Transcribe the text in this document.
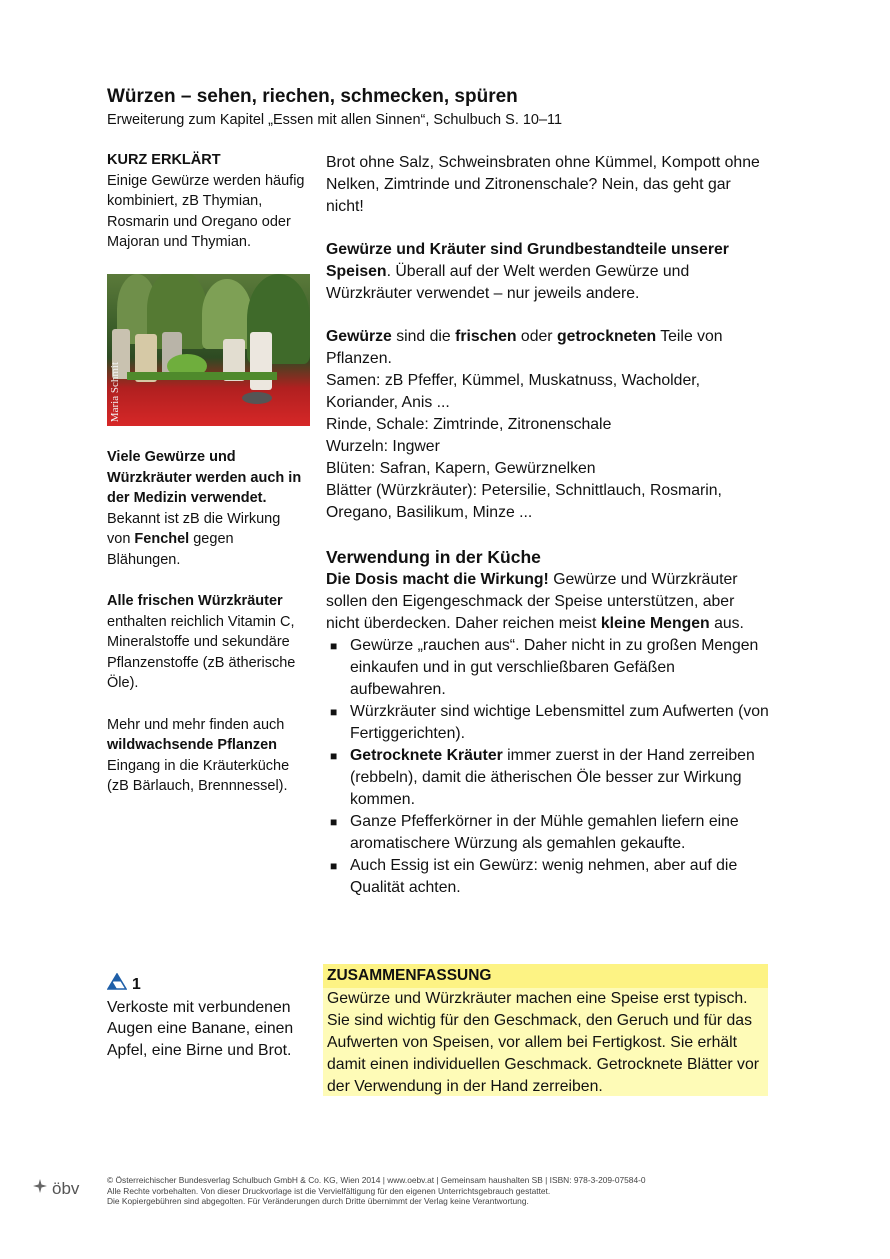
Würzen – sehen, riechen, schmecken, spüren
Erweiterung zum Kapitel „Essen mit allen Sinnen“, Schulbuch S. 10–11

KURZ ERKLÄRT

Einige Gewürze werden häufig kombiniert, zB Thymian, Rosmarin und Oregano oder Majoran und Thymian.

Maria Schmit

Viele Gewürze und Würzkräuter werden auch in der Medizin verwendet. Bekannt ist zB die Wirkung von Fenchel gegen Blähungen.

Alle frischen Würzkräuter enthalten reichlich Vitamin C, Mineralstoffe und sekundäre Pflanzenstoffe (zB ätherische Öle).

Mehr und mehr finden auch wildwachsende Pflanzen Eingang in die Kräuterküche (zB Bärlauch, Brennnessel).

Brot ohne Salz, Schweinsbraten ohne Kümmel, Kompott ohne Nelken, Zimtrinde und Zitronenschale? Nein, das geht gar nicht!

Gewürze und Kräuter sind Grundbestandteile unserer Speisen. Überall auf der Welt werden Gewürze und Würzkräuter verwendet – nur jeweils andere.

Gewürze sind die frischen oder getrockneten Teile von Pflanzen.

Samen: zB Pfeffer, Kümmel, Muskatnuss, Wacholder, Koriander, Anis ...

Rinde, Schale: Zimtrinde, Zitronenschale

Wurzeln: Ingwer

Blüten: Safran, Kapern, Gewürznelken

Blätter (Würzkräuter): Petersilie, Schnittlauch, Rosmarin, Oregano, Basilikum, Minze ...

Verwendung in der Küche

Die Dosis macht die Wirkung! Gewürze und Würzkräuter sollen den Eigengeschmack der Speise unterstützen, aber nicht überdecken. Daher reichen meist kleine Mengen aus.

■ Gewürze „rauchen aus“. Daher nicht in zu großen Mengen einkaufen und in gut verschließbaren Gefäßen aufbewahren.
■ Würzkräuter sind wichtige Lebensmittel zum Aufwerten (von Fertiggerichten).
■ Getrocknete Kräuter immer zuerst in der Hand zerreiben (rebbeln), damit die ätherischen Öle besser zur Wirkung kommen.
■ Ganze Pfefferkörner in der Mühle gemahlen liefern eine aromatischere Würzung als gemahlen gekaufte.
■ Auch Essig ist ein Gewürz: wenig nehmen, aber auf die Qualität achten.
1

Verkoste mit verbundenen Augen eine Banane, einen Apfel, eine Birne und Brot.

ZUSAMMENFASSUNG
Gewürze und Würzkräuter machen eine Speise erst typisch. Sie sind wichtig für den Geschmack, den Geruch und für das Aufwerten von Speisen, vor allem bei Fertigkost. Sie erhält damit einen individuellen Geschmack. Getrocknete Blätter vor der Verwendung in der Hand zerreiben.
öbv	© Österreichischer Bundesverlag Schulbuch GmbH & Co. KG, Wien 2014 | www.oebv.at | Gemeinsam haushalten SB | ISBN: 978-3-209-07584-0
Alle Rechte vorbehalten. Von dieser Druckvorlage ist die Vervielfältigung für den eigenen Unterrichtsgebrauch gestattet.
Die Kopiergebühren sind abgegolten. Für Veränderungen durch Dritte übernimmt der Verlag keine Verantwortung.
